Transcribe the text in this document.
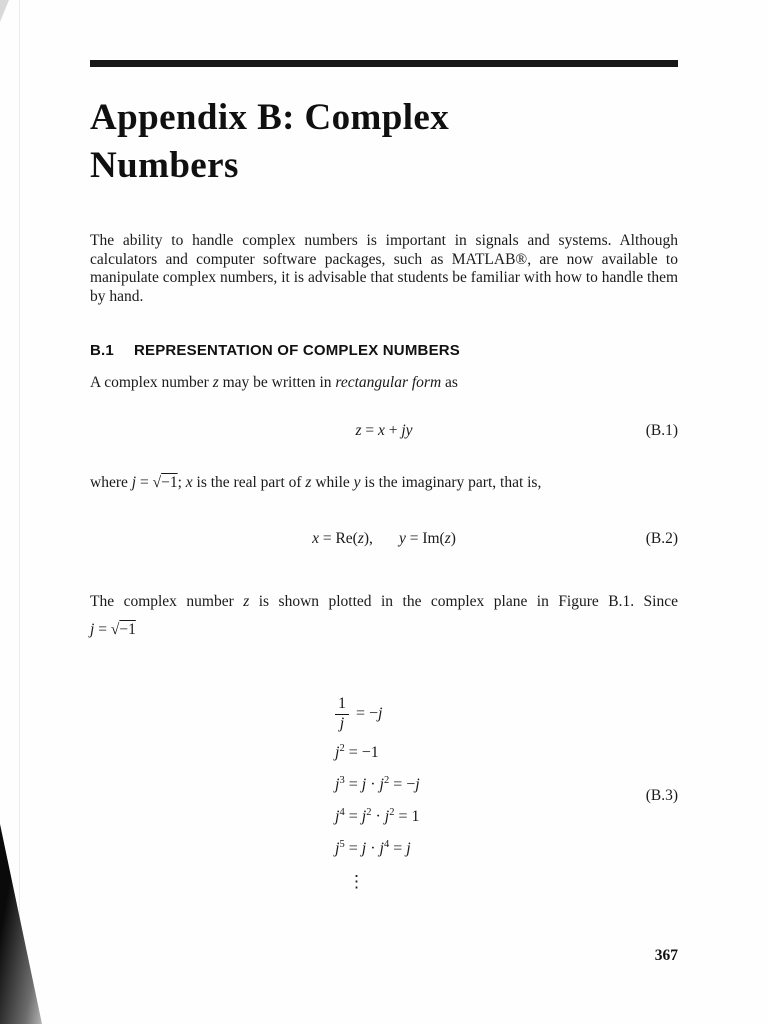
Appendix B: Complex
Numbers

The ability to handle complex numbers is important in signals and systems. Although calculators and computer software packages, such as MATLAB®, are now available to manipulate complex numbers, it is advisable that students be familiar with how to handle them by hand.

B.1 REPRESENTATION OF COMPLEX NUMBERS

A complex number z may be written in rectangular form as

z = x + jy	(B.1)

where j = √−1; x is the real part of z while y is the imaginary part, that is,

x = Re(z), y = Im(z)	(B.2)
The complex number z is shown plotted in the complex plane in Figure B.1. Since
j = √−1
$\frac{1}{j} = -j$
$j^2 = -1$
$j^3 = j \cdot j^2 = -j$
$j^4 = j^2 \cdot j^2 = 1$
$j^5 = j \cdot j^4 = j$
⋮
(B.3)
367
